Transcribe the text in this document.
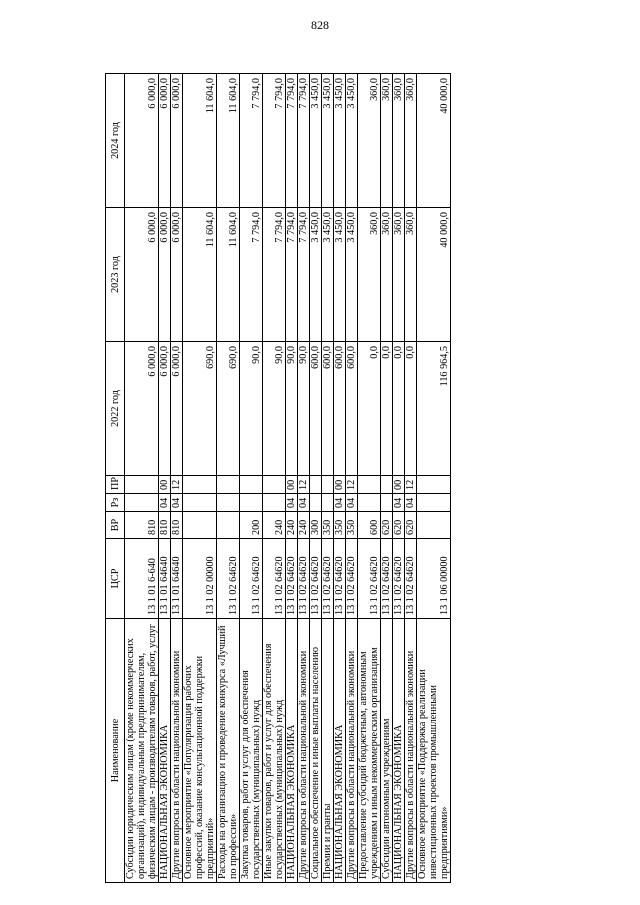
828
Наименование	ЦСР	ВР	Рз	ПР	2022 год	2023 год	2024 год
Субсидии юридическим лицам (кроме некоммерческих организаций), индивидуальным предпринимателям, физическим лицам - производителям товаров, работ, услуг	13 1 01 6-640	810			6 000,0	6 000,0	6 000,0
НАЦИОНАЛЬНАЯ ЭКОНОМИКА	13 1 01 64640	810	04	00	6 000,0	6 000,0	6 000,0
Другие вопросы в области национальной экономики	13 1 01 64640	810	04	12	6 000,0	6 000,0	6 000,0
Основное мероприятие «Популяризация рабочих профессий, оказание консультационной поддержки предприятий»	13 1 02 00000				690,0	11 604,0	11 604,0
Расходы на организацию и проведение конкурса «Лучший по профессии»	13 1 02 64620				690,0	11 604,0	11 604,0
Закупка товаров, работ и услуг для обеспечения государственных (муниципальных) нужд	13 1 02 64620	200			90,0	7 794,0	7 794,0
Иные закупки товаров, работ и услуг для обеспечения государственных (муниципальных) нужд	13 1 02 64620	240			90,0	7 794,0	7 794,0
НАЦИОНАЛЬНАЯ ЭКОНОМИКА	13 1 02 64620	240	04	00	90,0	7 794,0	7 794,0
Другие вопросы в области национальной экономики	13 1 02 64620	240	04	12	90,0	7 794,0	7 794,0
Социальное обеспечение и иные выплаты населению	13 1 02 64620	300			600,0	3 450,0	3 450,0
Премии и гранты	13 1 02 64620	350			600,0	3 450,0	3 450,0
НАЦИОНАЛЬНАЯ ЭКОНОМИКА	13 1 02 64620	350	04	00	600,0	3 450,0	3 450,0
Другие вопросы в области национальной экономики	13 1 02 64620	350	04	12	600,0	3 450,0	3 450,0
Предоставление субсидий бюджетным, автономным учреждениям и иным некоммерческим организациям	13 1 02 64620	600			0,0	360,0	360,0
Субсидии автономным учреждениям	13 1 02 64620	620			0,0	360,0	360,0
НАЦИОНАЛЬНАЯ ЭКОНОМИКА	13 1 02 64620	620	04	00	0,0	360,0	360,0
Другие вопросы в области национальной экономики	13 1 02 64620	620	04	12	0,0	360,0	360,0
Основное мероприятие «Поддержка реализации инвестиционных проектов промышленными предприятиями»	13 1 06 00000				116 964,5	40 000,0	40 000,0
